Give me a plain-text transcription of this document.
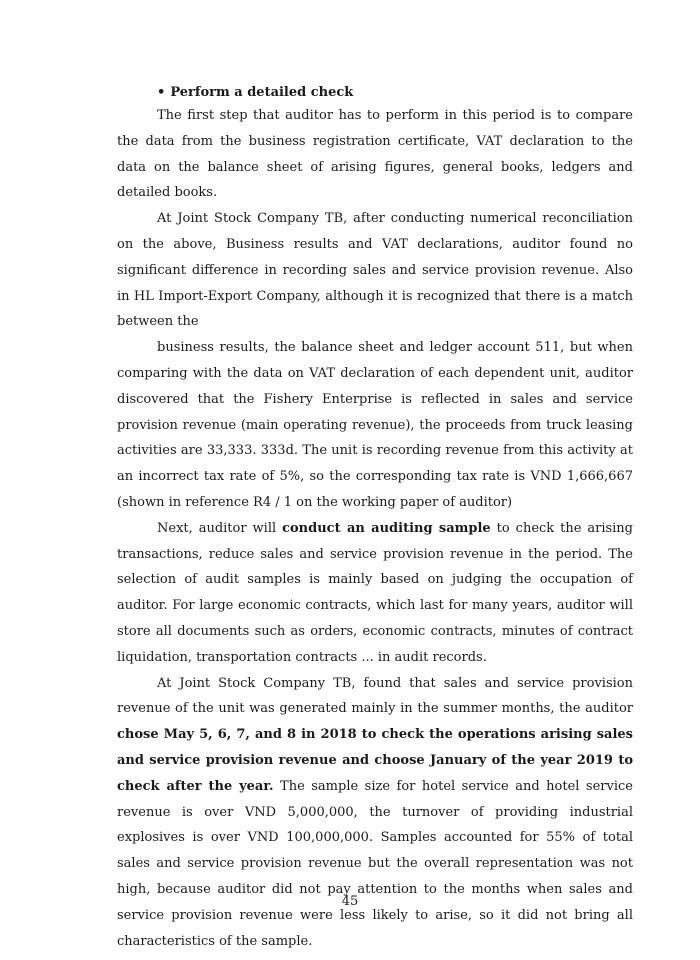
• Perform a detailed check

The first step that auditor has to perform in this period is to compare the data from the business registration certificate, VAT declaration to the data on the balance sheet of arising figures, general books, ledgers and detailed books.

At Joint Stock Company TB, after conducting numerical reconciliation on the above, Business results and VAT declarations, auditor found no significant difference in recording sales and service provision revenue. Also in HL Import-Export Company, although it is recognized that there is a match between the

business results, the balance sheet and ledger account 511, but when comparing with the data on VAT declaration of each dependent unit, auditor discovered that the Fishery Enterprise is reflected in sales and service provision revenue (main operating revenue), the proceeds from truck leasing activities are 33,333. 333d. The unit is recording revenue from this activity at an incorrect tax rate of 5%, so the corresponding tax rate is VND 1,666,667 (shown in reference R4 / 1 on the working paper of auditor)

Next, auditor will conduct an auditing sample to check the arising transactions, reduce sales and service provision revenue in the period. The selection of audit samples is mainly based on judging the occupation of auditor. For large economic contracts, which last for many years, auditor will store all documents such as orders, economic contracts, minutes of contract liquidation, transportation contracts ... in audit records.

At Joint Stock Company TB, found that sales and service provision revenue of the unit was generated mainly in the summer months, the auditor chose May 5, 6, 7, and 8 in 2018 to check the operations arising sales and service provision revenue and choose January of the year 2019 to check after the year. The sample size for hotel service and hotel service revenue is over VND 5,000,000, the turnover of providing industrial explosives is over VND 100,000,000. Samples accounted for 55% of total sales and service provision revenue but the overall representation was not high, because auditor did not pay attention to the months when sales and service provision revenue were less likely to arise, so it did not bring all characteristics of the sample.

45
